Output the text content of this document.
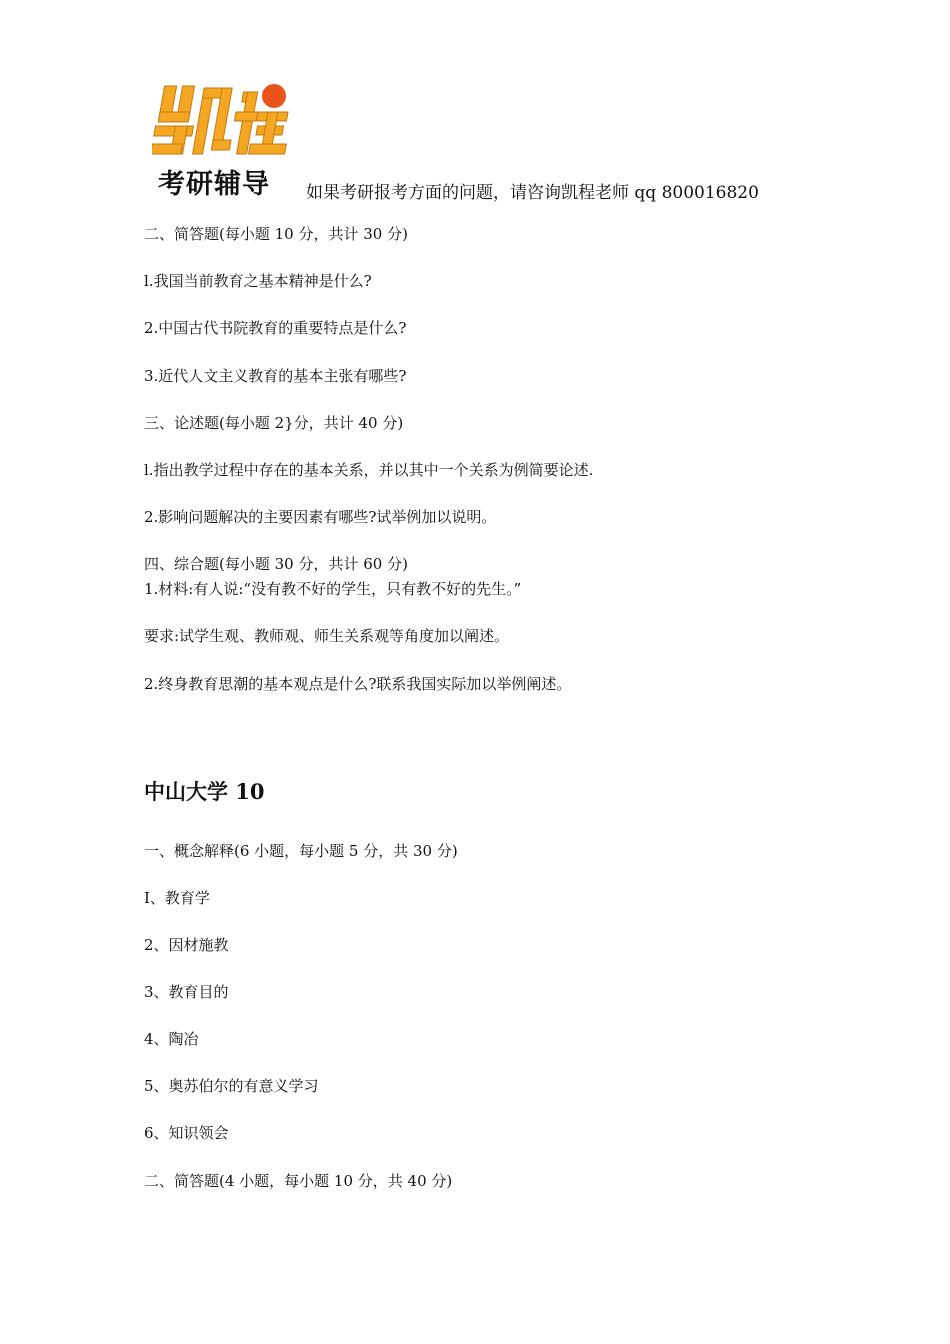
考研辅导 如果考研报考方面的问题，请咨询凯程老师 qq 800016820
二、简答题(每小题 10 分，共计 30 分)
l.我国当前教育之基本精神是什么?
2.中国古代书院教育的重要特点是什么?
3.近代人文主义教育的基本主张有哪些?
三、论述题(每小题 2}分，共计 40 分)
l.指出教学过程中存在的基本关系，并以其中一个关系为例简要论述.
2.影响问题解决的主要因素有哪些?试举例加以说明。
四、综合题(每小题 30 分，共计 60 分)
1.材料:有人说:“没有教不好的学生，只有教不好的先生。”
要求:试学生观、教师观、师生关系观等角度加以阐述。
2.终身教育思潮的基本观点是什么?联系我国实际加以举例阐述。
中山大学 10
一、概念解释(6 小题，每小题 5 分，共 30 分)
I、教育学
2、因材施教
3、教育目的
4、陶冶
5、奥苏伯尔的有意义学习
6、知识领会
二、简答题(4 小题，每小题 10 分，共 40 分)
